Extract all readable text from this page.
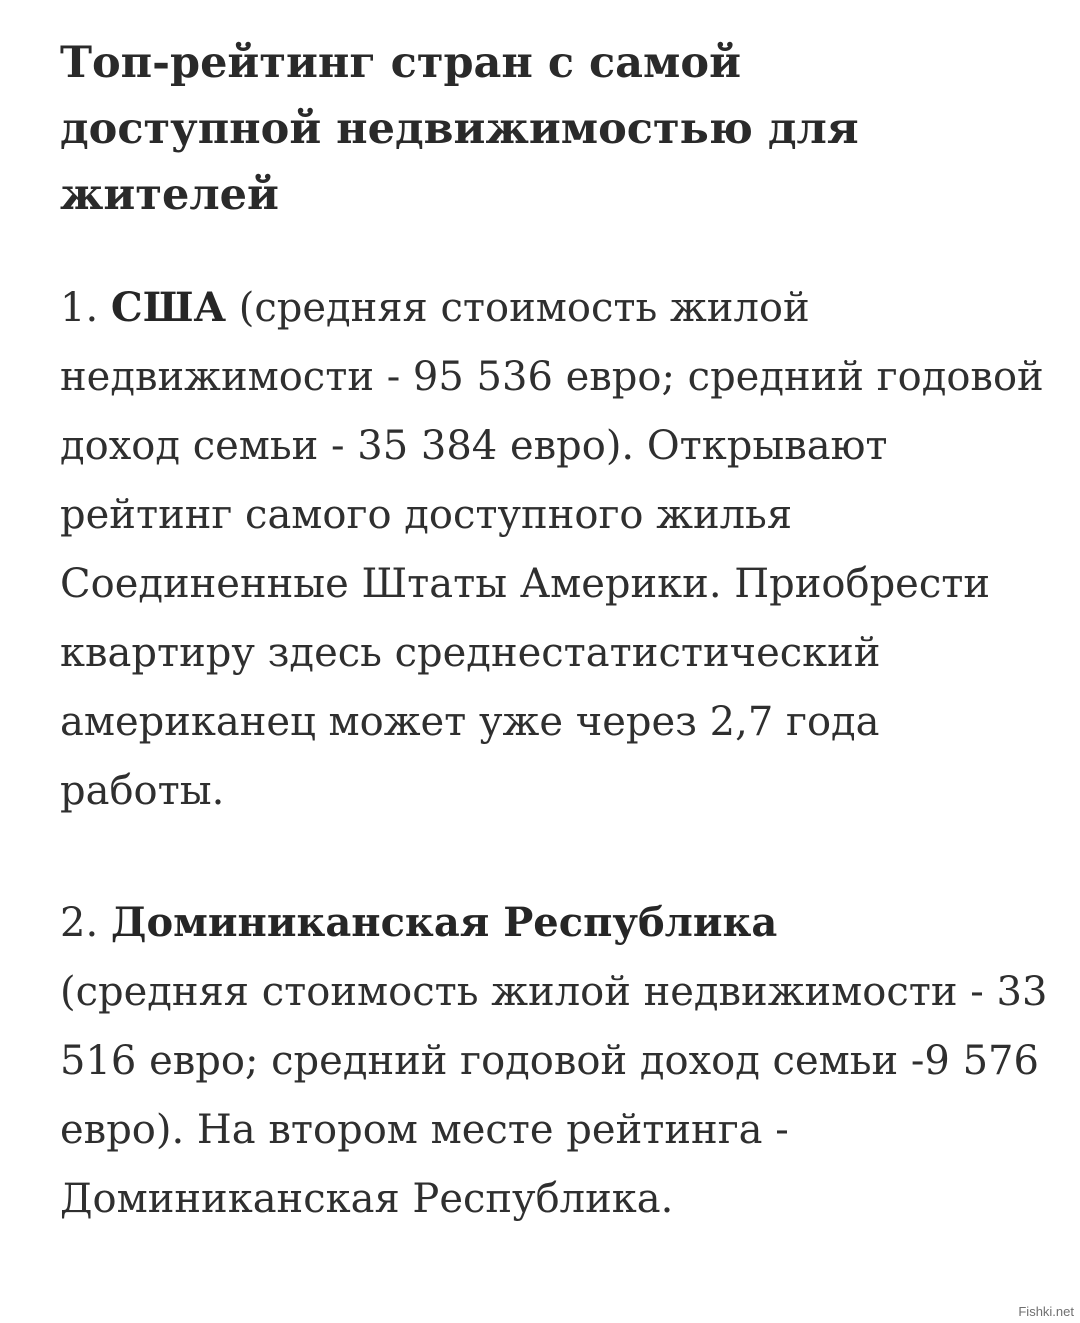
Топ-рейтинг стран с самой доступной недвижимостью для жителей

1. США (средняя стоимость жилой недвижимости - 95 536 евро; средний годовой доход семьи - 35 384 евро). Открывают рейтинг самого доступного жилья Соединенные Штаты Америки. Приобрести квартиру здесь среднестатистический американец может уже через 2,7 года работы.

2. Доминиканская Республика
(средняя стоимость жилой недвижимости - 33 516 евро; средний годовой доход семьи -9 576 евро). На втором месте рейтинга - Доминиканская Республика.

Fishki.net
